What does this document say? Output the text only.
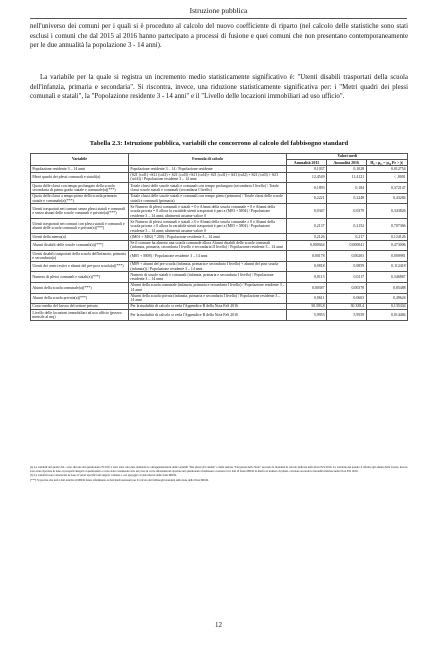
Istruzione pubblica

nell'universo dei comuni per i quali si è proceduto al calcolo del nuovo coefficiente di riparto (nel calcolo delle statistiche sono stati esclusi i comuni che dal 2015 al 2016 hanno partecipato a processi di fusione e quei comuni che non presentano contemporaneamente per le due annualità la popolazione 3 - 14 anni).

La variabile per la quale si registra un incremento medio statisticamente significativo è: "Utenti disabili trasportati della scuola dell'infanzia, primaria e secondaria". Si riscontra, invece, una riduzione statisticamente significativa per: i "Metri quadri dei plessi comunali e statali", la "Popolazione residente 3 - 14 anni" e il "Livello delle locazioni immobiliari ad uso ufficio".

Tabella 2.3: Istruzione pubblica, variabili che concorrono al calcolo del fabbisogno standard

Variabile	Formula di calcolo	Valori medi		
		Annualità 2015	Annualità 2016	H₀ : μ₁₅ = μ₁₆ Pr > |t|
Popolazione residente 3 – 14 anni	Popolazione residente 3 – 14 / Popolazione residente	0,1037	0,1028	0,012754
Metri quadri dei plessi comunali e statali(a)	(S21 (col1) +S21 (col2) + S21 (col3) +S21 (col4)+ S21 (col1) + S21 (col2) + S21 (col3) + S21 (col4)) / Popolazione residente 3 – 14 anni	12,4549	11,4121	< ,0001
Quota delle classi con tempo prolungato della scuola secondaria di primo grado statale e comunale(a)(***)	Totale classi delle scuole statali e comunali con tempo prolungato (secondaria I livello) / Totale classi scuole statali e comunali (secondaria I livello)	0,1893	0,184	0,372147
Quota delle classi a tempo pieno della scuola primaria statale e comunale(a)(***)	Totale classi delle scuole statali e comunali con tempo pieno (primaria) / Totale classi delle scuole statali e comunali (primaria)	0,2221	0,2248	0,43284
Utenti trasportati nei comuni senza plessi statali e comunali e senza alunni delle scuole comunali e private(a)(***)	Se Numero di plessi comunali e statali = 0 e Alunni della scuola comunale = 0 e Alunni della scuola privata = 0 allora la variabile utenti trasportati è pari a (M03 + M04) / Popolazione residente 3 – 14 anni; altrimenti assume valore 0	0,0347	0,0379	0,343826
Utenti trasportati nei comuni con plessi statali e comunali e alunni delle scuole comunali e private(a)(***)	Se Numero di plessi comunali e statali ≠ 0 e Alunni della scuola comunale ≠ 0 e Alunni della scuola privata ≠ 0 allora la variabile utenti trasportati è pari a (M03 + M04) / Popolazione residente 3 – 14 anni; altrimenti assume valore 0	0,2137	0,2152	0,707366
Utenti della mensa(a)	((M01 + M02) * 200) / Popolazione residente 3 – 14 anni	0,2126	0,217	0,124126
Alunni disabili delle scuole comunali(a)(***)	Se il comune ha almeno una scuola comunale allora Alunni disabili delle scuole comunali (infanzia, primaria, secondaria I livello e secondaria II livello) / Popolazione residente 3 – 14 anni	0,000044	0,000041	0,473006
Utenti disabili trasportati della scuola dell'infanzia, primaria e secondaria(a)	(M05 + M08) / Popolazione residente 3 – 14 anni	0,00178	0,00203	0,000981
Utenti dei centri estivi e alunni del pre-post scuola(a)(***)	(M09 + alunni del pre scuola (infanzia, primaria e secondaria I livello) + alunni del post scuola (infanzia)) / Popolazione residente 3 – 14 anni	0,0818	0,0859	0,112418
Numero di plessi comunali e statali(a)(***)	Numero di scuole statali e comunali (infanzia, primaria e secondaria I livello) / Popolazione residente 3 – 14 anni	0,0113	0,0117	0,346867
Alunni della scuola comunale(a)(***)	Alunni della scuola comunale (infanzia, primaria e secondaria I livello) / Popolazione residente 3 – 14 anni	0,00387	0,00378	0,85488
Alunni della scuola privata(a)(***)	Alunni della scuola privata (infanzia, primaria e secondaria I livello) / Popolazione residente 3 – 14 anni	0,0611	0,0603	0,49624
Costo medio del lavoro del settore privato	Per la modalità di calcolo si veda l'Appendice B della Nota FaS 2016	30.393,8	30.338,4	0,135434
Livello delle locazioni immobiliari ad uso ufficio (prezzo mensile al mq)	Per la modalità di calcolo si veda l'Appendice B della Nota FaS 2016	5,9953	5,9559	0,014484

(a) Le variabili del quadro M... sono rilevate dal questionario FC10U e sono state calcolate rendendo le omogeneizzazioni delle variabili "Dai plessi di Comuni" e dalla sezione "Dai plessi dello Stato" secondo le modalità di calcolo indicate nella Nota FaS 2016. La variabile del quadro S riferita agli alunni delle scuole, invece, sono state riportate in base ai prospetti allegati al questionario e sono state considerate solo nel caso in cui le informazioni riportate nel questionario risultassero coerenti con i dati di fonte MIUR in merito al numero di plessi, calcolate secondo le modalità indicate nella Nota FaS 2016.

(b) Le variabili sono valorizzate in base ai valori specifici del singolo comune o con appoggio ai dati rilevati dalle fonti MIUR.

(***) Si precisa che tutti i dati relativi al MIUR fanno riferimento ai dati medi nazionali per il calcolo dei fabbisogni standard sulla base della Nota MIUR.

12
